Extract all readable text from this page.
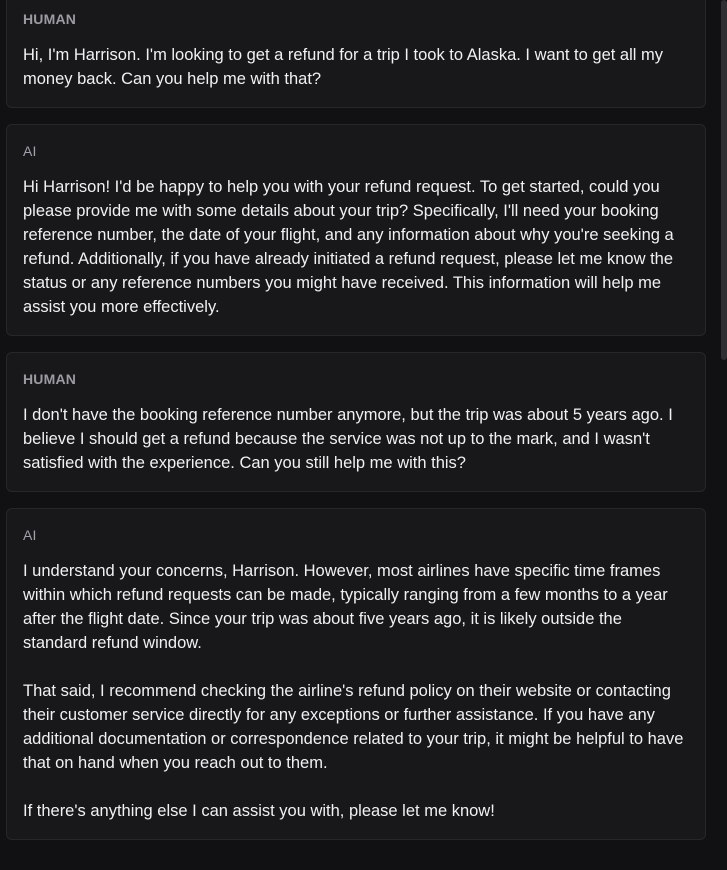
HUMAN

Hi, I'm Harrison. I'm looking to get a refund for a trip I took to Alaska. I want to get all my money back. Can you help me with that?

AI

Hi Harrison! I'd be happy to help you with your refund request. To get started, could you please provide me with some details about your trip? Specifically, I'll need your booking reference number, the date of your flight, and any information about why you're seeking a refund. Additionally, if you have already initiated a refund request, please let me know the status or any reference numbers you might have received. This information will help me assist you more effectively.

HUMAN

I don't have the booking reference number anymore, but the trip was about 5 years ago. I believe I should get a refund because the service was not up to the mark, and I wasn't satisfied with the experience. Can you still help me with this?

AI

I understand your concerns, Harrison. However, most airlines have specific time frames within which refund requests can be made, typically ranging from a few months to a year after the flight date. Since your trip was about five years ago, it is likely outside the standard refund window.

That said, I recommend checking the airline's refund policy on their website or contacting their customer service directly for any exceptions or further assistance. If you have any additional documentation or correspondence related to your trip, it might be helpful to have that on hand when you reach out to them.

If there's anything else I can assist you with, please let me know!
